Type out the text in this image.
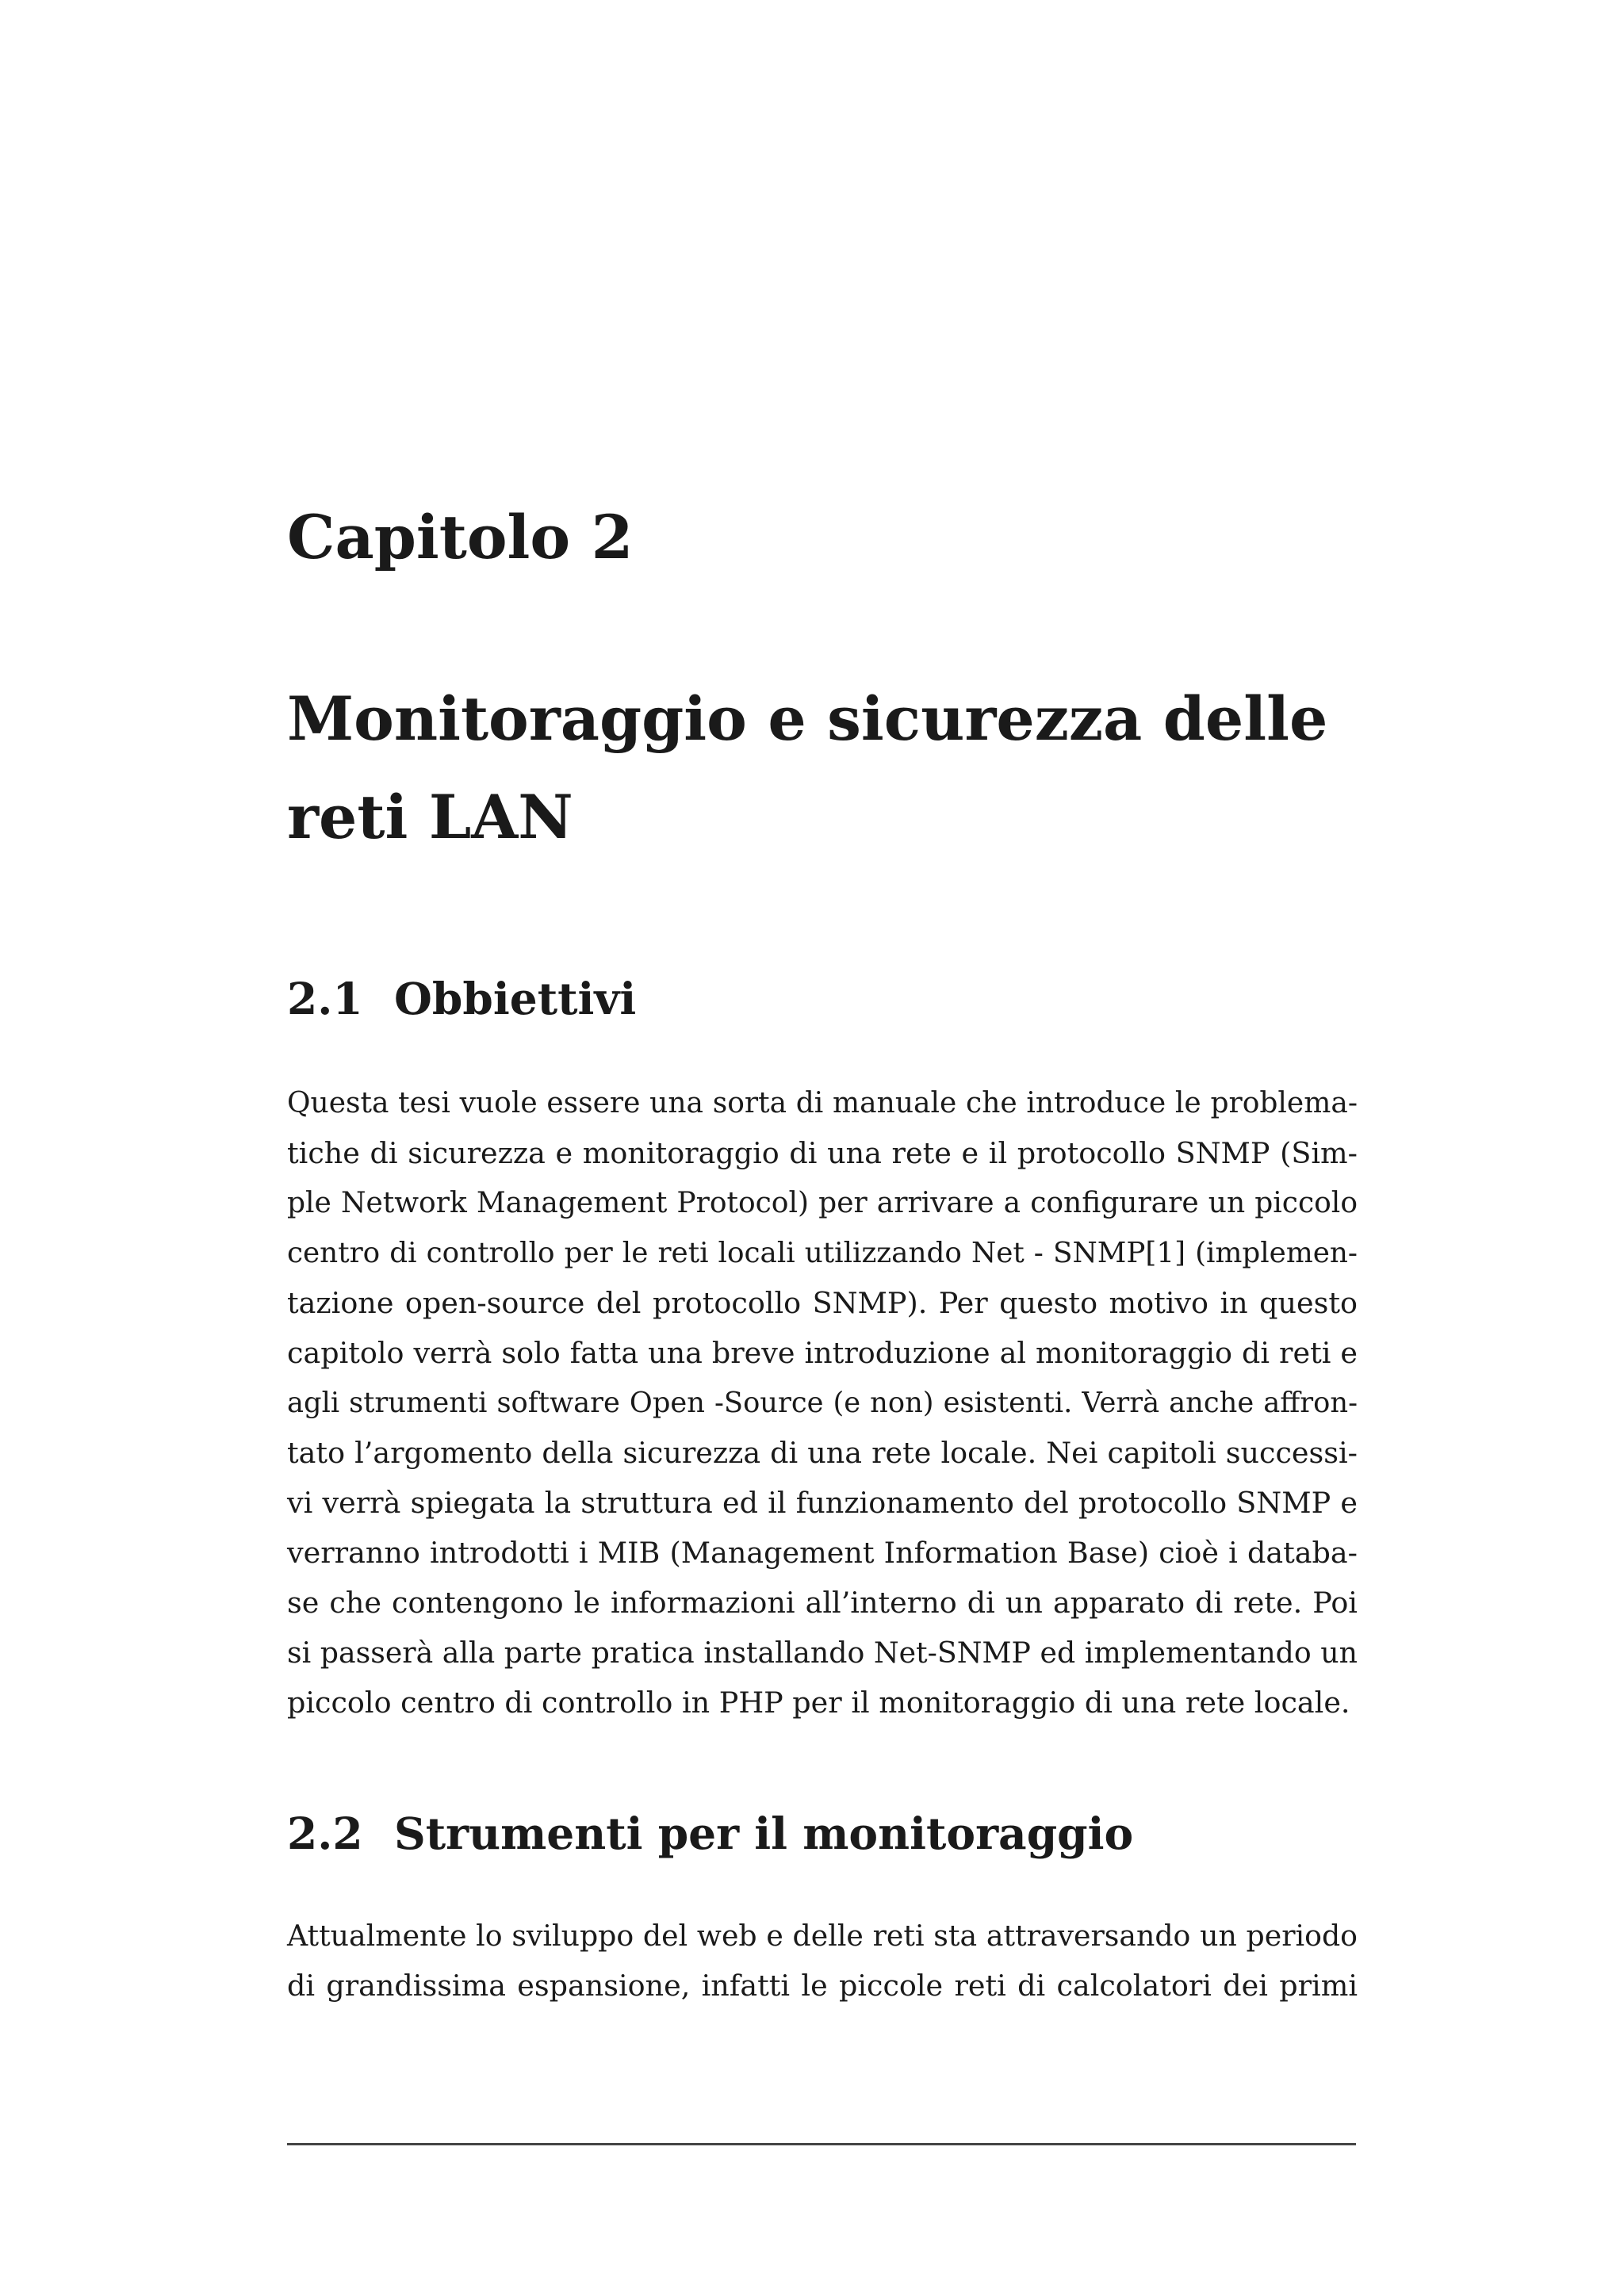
Capitolo 2
Monitoraggio e sicurezza delle
reti LAN
2.1 Obbiettivi
Questa tesi vuole essere una sorta di manuale che introduce le problema-
tiche di sicurezza e monitoraggio di una rete e il protocollo SNMP (Sim-
ple Network Management Protocol) per arrivare a configurare un piccolo
centro di controllo per le reti locali utilizzando Net - SNMP[1] (implemen-
tazione open-source del protocollo SNMP). Per questo motivo in questo
capitolo verrà solo fatta una breve introduzione al monitoraggio di reti e
agli strumenti software Open -Source (e non) esistenti. Verrà anche affron-
tato l’argomento della sicurezza di una rete locale. Nei capitoli successi-
vi verrà spiegata la struttura ed il funzionamento del protocollo SNMP e
verranno introdotti i MIB (Management Information Base) cioè i databa-
se che contengono le informazioni all’interno di un apparato di rete. Poi
si passerà alla parte pratica installando Net-SNMP ed implementando un
piccolo centro di controllo in PHP per il monitoraggio di una rete locale.
2.2 Strumenti per il monitoraggio
Attualmente lo sviluppo del web e delle reti sta attraversando un periodo
di grandissima espansione, infatti le piccole reti di calcolatori dei primi
